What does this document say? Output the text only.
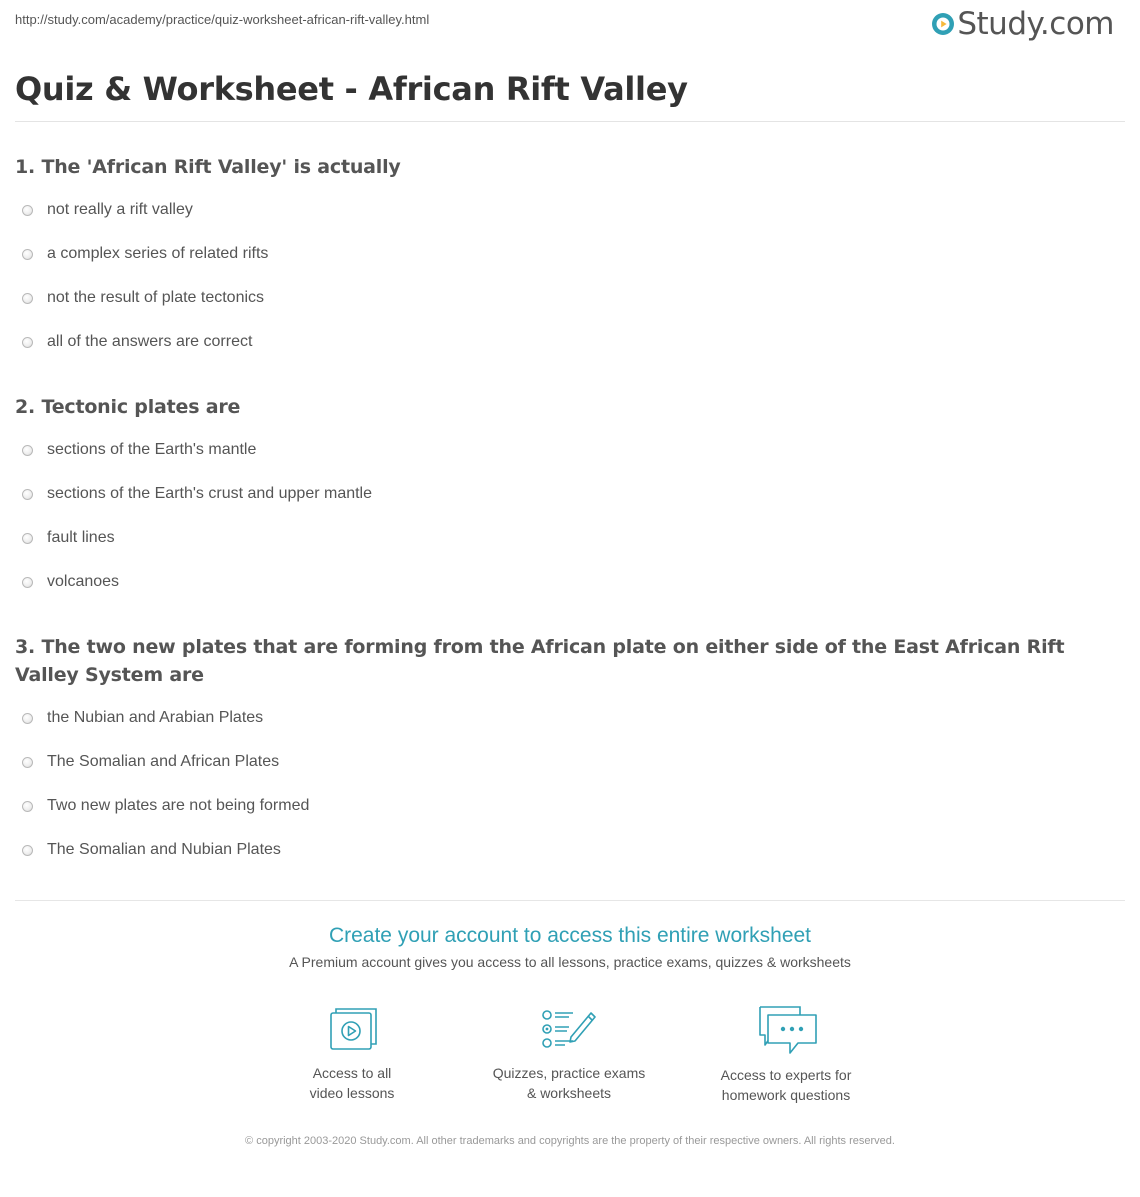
http://study.com/academy/practice/quiz-worksheet-african-rift-valley.html	Study.com
Quiz & Worksheet - African Rift Valley
1. The 'African Rift Valley' is actually
not really a rift valley
a complex series of related rifts
not the result of plate tectonics
all of the answers are correct
2. Tectonic plates are
sections of the Earth's mantle
sections of the Earth's crust and upper mantle
fault lines
volcanoes
3. The two new plates that are forming from the African plate on either side of the East African Rift Valley System are
the Nubian and Arabian Plates
The Somalian and African Plates
Two new plates are not being formed
The Somalian and Nubian Plates
Create your account to access this entire worksheet
A Premium account gives you access to all lessons, practice exams, quizzes & worksheets
Access to all
video lessons
Quizzes, practice exams
& worksheets
Access to experts for
homework questions
© copyright 2003-2020 Study.com. All other trademarks and copyrights are the property of their respective owners. All rights reserved.
